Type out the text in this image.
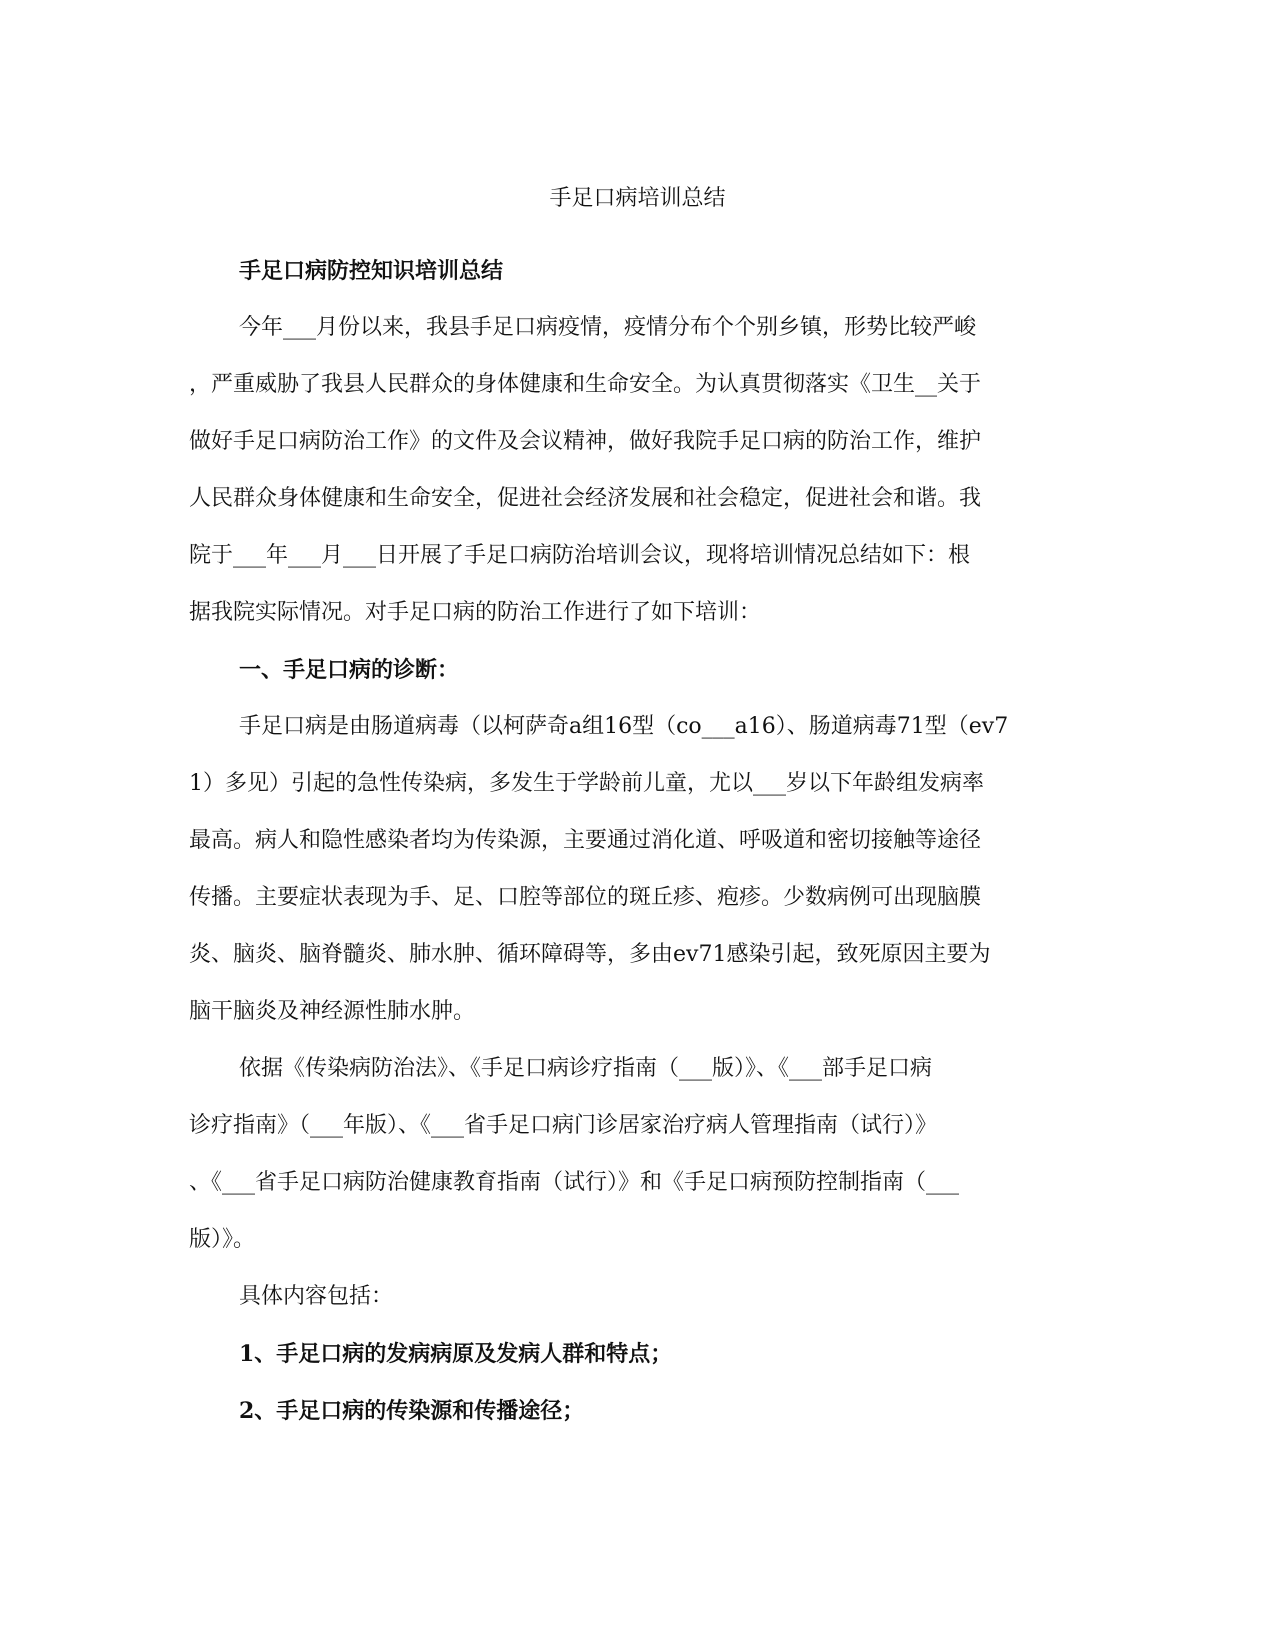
手足口病培训总结
手足口病防控知识培训总结
今年___月份以来，我县手足口病疫情，疫情分布个个别乡镇，形势比较严峻
，严重威胁了我县人民群众的身体健康和生命安全。为认真贯彻落实《卫生__关于
做好手足口病防治工作》的文件及会议精神，做好我院手足口病的防治工作，维护
人民群众身体健康和生命安全，促进社会经济发展和社会稳定，促进社会和谐。我
院于___年___月___日开展了手足口病防治培训会议，现将培训情况总结如下：根
据我院实际情况。对手足口病的防治工作进行了如下培训：
一、手足口病的诊断：
手足口病是由肠道病毒（以柯萨奇a组16型（co___a16）、肠道病毒71型（ev7
1）多见）引起的急性传染病，多发生于学龄前儿童，尤以___岁以下年龄组发病率
最高。病人和隐性感染者均为传染源，主要通过消化道、呼吸道和密切接触等途径
传播。主要症状表现为手、足、口腔等部位的斑丘疹、疱疹。少数病例可出现脑膜
炎、脑炎、脑脊髓炎、肺水肿、循环障碍等，多由ev71感染引起，致死原因主要为
脑干脑炎及神经源性肺水肿。
依据《传染病防治法》、《手足口病诊疗指南（___版）》、《___部手足口病
诊疗指南》（___年版）、《___省手足口病门诊居家治疗病人管理指南（试行）》
、《___省手足口病防治健康教育指南（试行）》和《手足口病预防控制指南（___
版）》。
具体内容包括：
1、手足口病的发病病原及发病人群和特点；
2、手足口病的传染源和传播途径；
